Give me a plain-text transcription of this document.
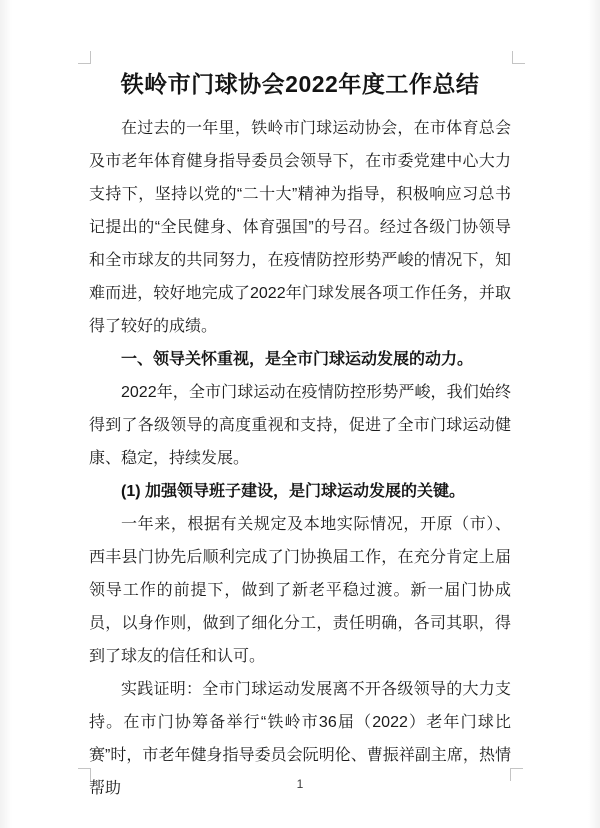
铁岭市门球协会2022年度工作总结

在过去的一年里，铁岭市门球运动协会，在市体育总会及市老年体育健身指导委员会领导下，在市委党建中心大力支持下，坚持以党的“二十大”精神为指导，积极响应习总书记提出的“全民健身、体育强国”的号召。经过各级门协领导和全市球友的共同努力，在疫情防控形势严峻的情况下，知难而进，较好地完成了2022年门球发展各项工作任务，并取得了较好的成绩。

一、领导关怀重视，是全市门球运动发展的动力。

2022年，全市门球运动在疫情防控形势严峻，我们始终得到了各级领导的高度重视和支持，促进了全市门球运动健康、稳定，持续发展。

(1) 加强领导班子建设，是门球运动发展的关键。

一年来，根据有关规定及本地实际情况，开原（市）、西丰县门协先后顺利完成了门协换届工作，在充分肯定上届领导工作的前提下，做到了新老平稳过渡。新一届门协成员，以身作则，做到了细化分工，责任明确，各司其职，得到了球友的信任和认可。

实践证明：全市门球运动发展离不开各级领导的大力支持。在市门协筹备举行“铁岭市36届（2022）老年门球比赛”时，市老年健身指导委员会阮明伦、曹振祥副主席，热情帮助	1
